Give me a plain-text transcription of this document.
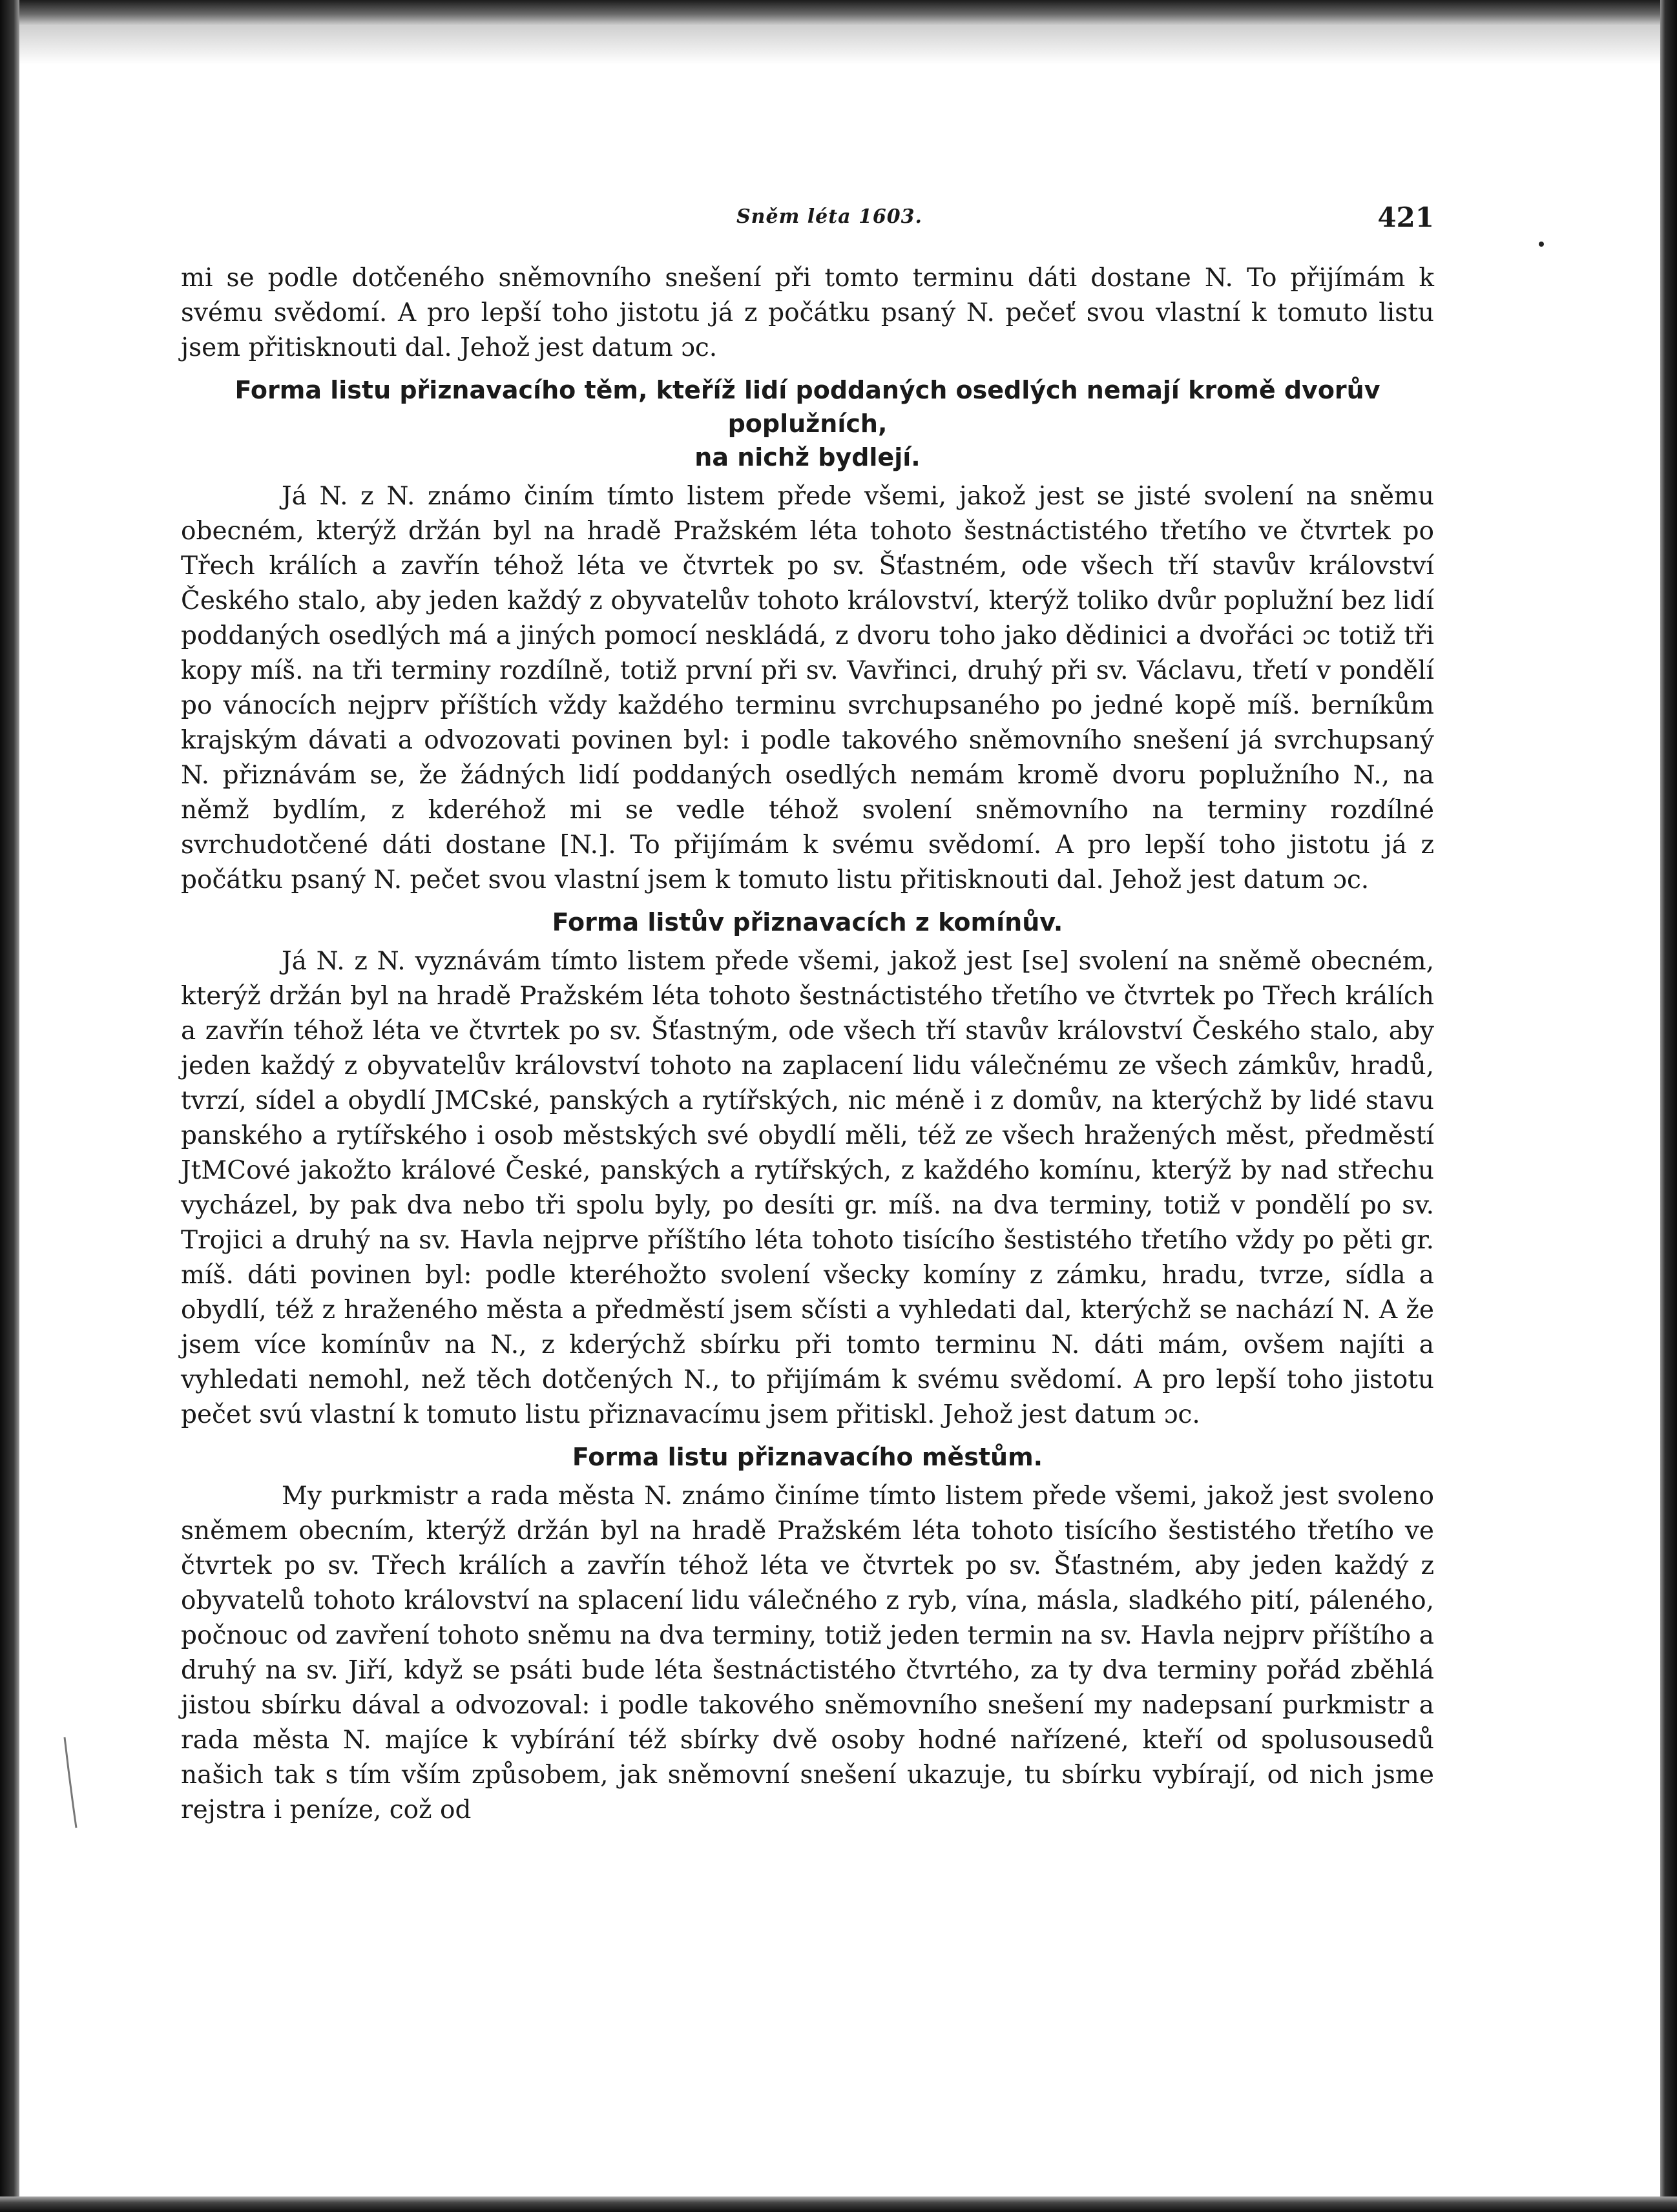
Sněm léta 1603.	421

mi se podle dotčeného sněmovního snešení při tomto terminu dáti dostane N. To přijímám k svému svědomí. A pro lepší toho jistotu já z počátku psaný N. pečeť svou vlastní k tomuto listu jsem přitisknouti dal. Jehož jest datum ɔc.

Forma listu přiznavacího těm, kteříž lidí poddaných osedlých nemají kromě dvorův poplužních,
na nichž bydlejí.

Já N. z N. známo činím tímto listem přede všemi, jakož jest se jisté svolení na sněmu obecném, kterýž držán byl na hradě Pražském léta tohoto šestnáctistého třetího ve čtvrtek po Třech králích a zavřín téhož léta ve čtvrtek po sv. Šťastném, ode všech tří stavův království Českého stalo, aby jeden každý z obyvatelův tohoto království, kterýž toliko dvůr poplužní bez lidí poddaných osedlých má a jiných pomocí neskládá, z dvoru toho jako dědinici a dvořáci ɔc totiž tři kopy míš. na tři terminy rozdílně, totiž první při sv. Vavřinci, druhý při sv. Václavu, třetí v pondělí po vánocích nejprv příštích vždy každého terminu svrchupsaného po jedné kopě míš. berníkům krajským dávati a odvozovati povinen byl: i podle takového sněmovního snešení já svrchupsaný N. přiznávám se, že žádných lidí poddaných osedlých nemám kromě dvoru poplužního N., na němž bydlím, z kderéhož mi se vedle téhož svolení sněmovního na terminy rozdílné svrchudotčené dáti dostane [N.]. To přijímám k svému svědomí. A pro lepší toho jistotu já z počátku psaný N. pečet svou vlastní jsem k tomuto listu přitisknouti dal. Jehož jest datum ɔc.

Forma listův přiznavacích z komínův.

Já N. z N. vyznávám tímto listem přede všemi, jakož jest [se] svolení na sněmě obecném, kterýž držán byl na hradě Pražském léta tohoto šestnáctistého třetího ve čtvrtek po Třech králích a zavřín téhož léta ve čtvrtek po sv. Šťastným, ode všech tří stavův království Českého stalo, aby jeden každý z obyvatelův království tohoto na zaplacení lidu válečnému ze všech zámkův, hradů, tvrzí, sídel a obydlí JMCské, panských a rytířských, nic méně i z domův, na kterýchž by lidé stavu panského a rytířského i osob městských své obydlí měli, též ze všech hražených měst, předměstí JtMCové jakožto králové České, panských a rytířských, z každého komínu, kterýž by nad střechu vycházel, by pak dva nebo tři spolu byly, po desíti gr. míš. na dva terminy, totiž v pondělí po sv. Trojici a druhý na sv. Havla nejprve příštího léta tohoto tisícího šestistého třetího vždy po pěti gr. míš. dáti povinen byl: podle kteréhožto svolení všecky komíny z zámku, hradu, tvrze, sídla a obydlí, též z hraženého města a předměstí jsem sčísti a vyhledati dal, kterýchž se nachází N. A že jsem více komínův na N., z kderýchž sbírku při tomto terminu N. dáti mám, ovšem najíti a vyhledati nemohl, než těch dotčených N., to přijímám k svému svědomí. A pro lepší toho jistotu pečet svú vlastní k tomuto listu přiznavacímu jsem přitiskl. Jehož jest datum ɔc.

Forma listu přiznavacího městům.

My purkmistr a rada města N. známo činíme tímto listem přede všemi, jakož jest svoleno sněmem obecním, kterýž držán byl na hradě Pražském léta tohoto tisícího šestistého třetího ve čtvrtek po sv. Třech králích a zavřín téhož léta ve čtvrtek po sv. Šťastném, aby jeden každý z obyvatelů tohoto království na splacení lidu válečného z ryb, vína, másla, sladkého pití, páleného, počnouc od zavření tohoto sněmu na dva terminy, totiž jeden termin na sv. Havla nejprv příštího a druhý na sv. Jiří, když se psáti bude léta šestnáctistého čtvrtého, za ty dva terminy pořád zběhlá jistou sbírku dával a odvozoval: i podle takového sněmovního snešení my nadepsaní purkmistr a rada města N. majíce k vybírání též sbírky dvě osoby hodné nařízené, kteří od spolusousedů našich tak s tím vším způsobem, jak sněmovní snešení ukazuje, tu sbírku vybírají, od nich jsme rejstra i peníze, což od
